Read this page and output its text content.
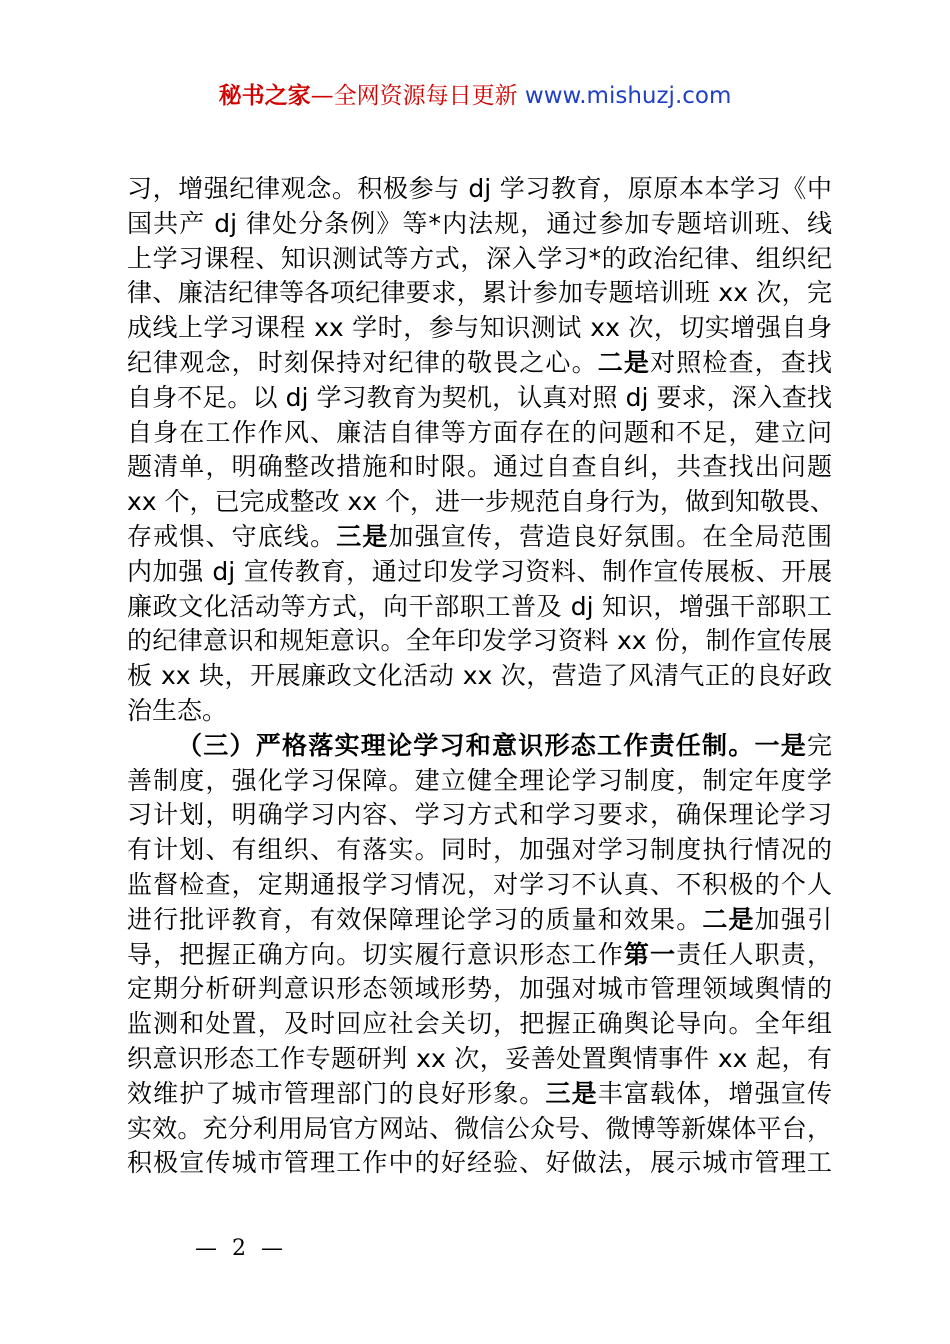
秘书之家—全网资源每日更新 www.mishuzj.com
习，增强纪律观念。积极参与 dj 学习教育，原原本本学习《中
国共产 dj 律处分条例》等*内法规，通过参加专题培训班、线
上学习课程、知识测试等方式，深入学习*的政治纪律、组织纪
律、廉洁纪律等各项纪律要求，累计参加专题培训班 xx 次，完
成线上学习课程 xx 学时，参与知识测试 xx 次，切实增强自身
纪律观念，时刻保持对纪律的敬畏之心。二是对照检查，查找
自身不足。以 dj 学习教育为契机，认真对照 dj 要求，深入查找
自身在工作作风、廉洁自律等方面存在的问题和不足，建立问
题清单，明确整改措施和时限。通过自查自纠，共查找出问题
xx 个，已完成整改 xx 个，进一步规范自身行为，做到知敬畏、
存戒惧、守底线。三是加强宣传，营造良好氛围。在全局范围
内加强 dj 宣传教育，通过印发学习资料、制作宣传展板、开展
廉政文化活动等方式，向干部职工普及 dj 知识，增强干部职工
的纪律意识和规矩意识。全年印发学习资料 xx 份，制作宣传展
板 xx 块，开展廉政文化活动 xx 次，营造了风清气正的良好政
治生态。
（三）严格落实理论学习和意识形态工作责任制。一是完
善制度，强化学习保障。建立健全理论学习制度，制定年度学
习计划，明确学习内容、学习方式和学习要求，确保理论学习
有计划、有组织、有落实。同时，加强对学习制度执行情况的
监督检查，定期通报学习情况，对学习不认真、不积极的个人
进行批评教育，有效保障理论学习的质量和效果。二是加强引
导，把握正确方向。切实履行意识形态工作第一责任人职责，
定期分析研判意识形态领域形势，加强对城市管理领域舆情的
监测和处置，及时回应社会关切，把握正确舆论导向。全年组
织意识形态工作专题研判 xx 次，妥善处置舆情事件 xx 起，有
效维护了城市管理部门的良好形象。三是丰富载体，增强宣传
实效。充分利用局官方网站、微信公众号、微博等新媒体平台，
积极宣传城市管理工作中的好经验、好做法，展示城市管理工
— 2 —
